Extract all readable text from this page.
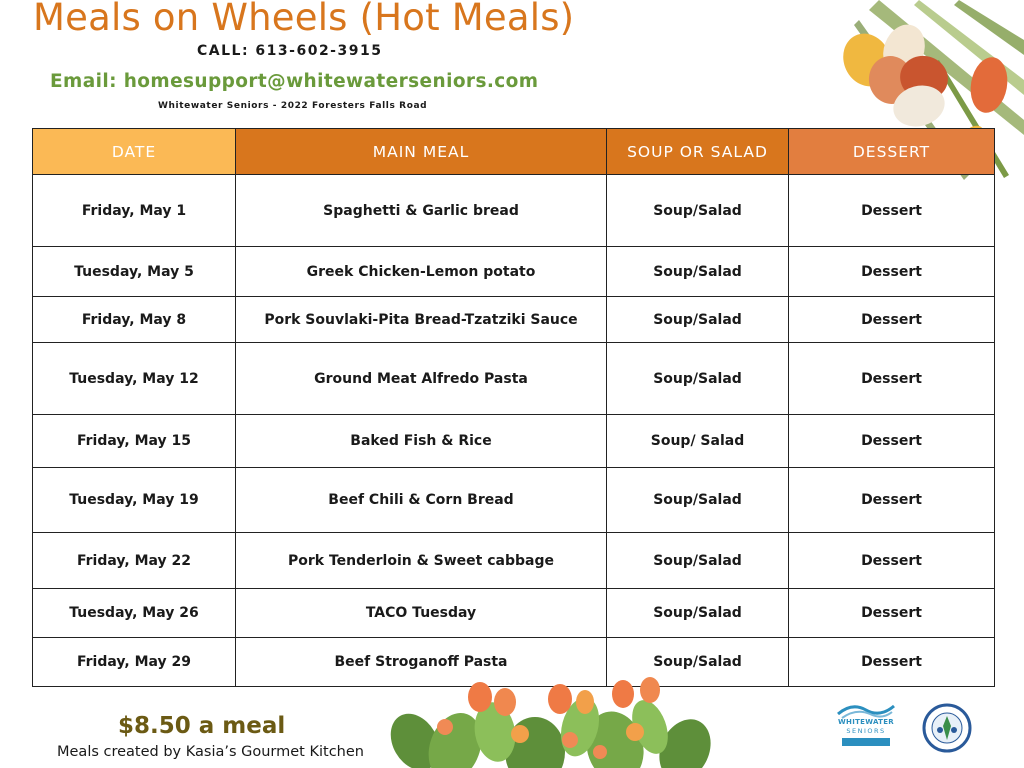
Meals on Wheels (Hot Meals)
CALL: 613-602-3915
Email: homesupport@whitewaterseniors.com
Whitewater Seniors - 2022 Foresters Falls Road
DATE	MAIN MEAL	SOUP OR SALAD	DESSERT
Friday, May 1	Spaghetti & Garlic bread	Soup/Salad	Dessert
Tuesday, May 5	Greek Chicken-Lemon potato	Soup/Salad	Dessert
Friday, May 8	Pork Souvlaki-Pita Bread-Tzatziki Sauce	Soup/Salad	Dessert
Tuesday, May 12	Ground Meat Alfredo Pasta	Soup/Salad	Dessert
Friday, May 15	Baked Fish & Rice	Soup/ Salad	Dessert
Tuesday, May 19	Beef Chili & Corn Bread	Soup/Salad	Dessert
Friday, May 22	Pork Tenderloin & Sweet cabbage	Soup/Salad	Dessert
Tuesday, May 26	TACO Tuesday	Soup/Salad	Dessert
Friday, May 29	Beef Stroganoff Pasta	Soup/Salad	Dessert
$8.50 a meal
Meals created by Kasia’s Gourmet Kitchen
WHITEWATER
SENIORS
